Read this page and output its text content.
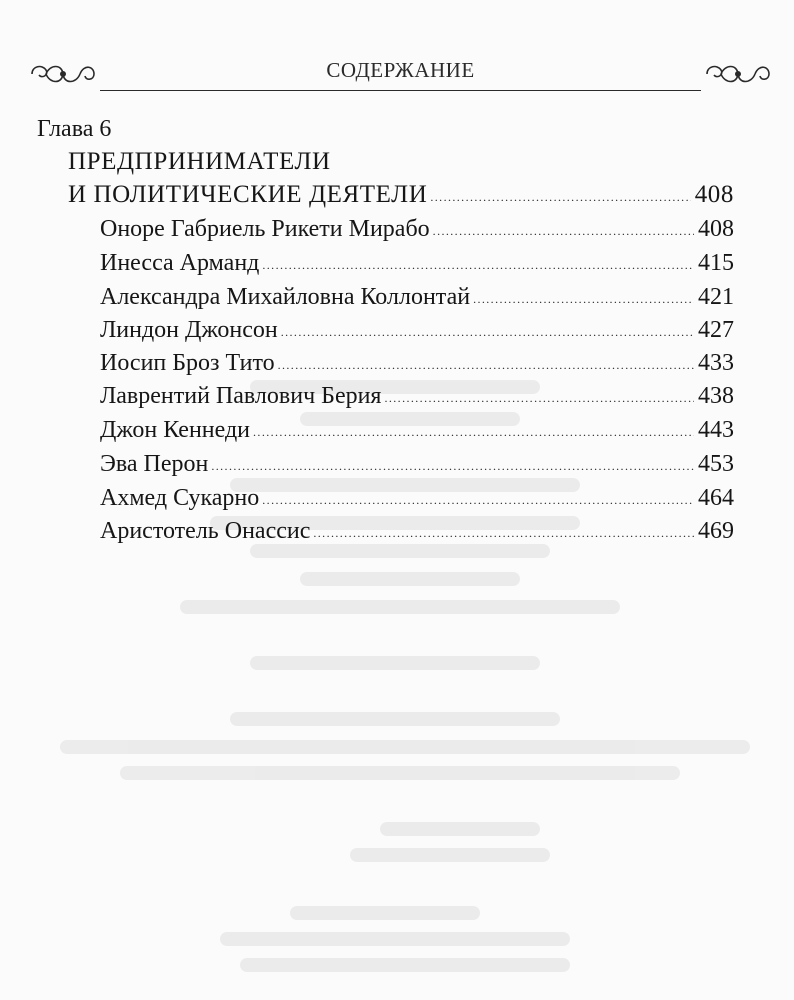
СОДЕРЖАНИЕ
Глава 6
ПРЕДПРИНИМАТЕЛИ
И ПОЛИТИЧЕСКИЕ ДЕЯТЕЛИ .....	408
Оноре Габриель Рикети Мирабо .....	408
Инесса Арманд .....	415
Александра Михайловна Коллонтай .....	421
Линдон Джонсон .....	427
Иосип Броз Тито .....	433
Лаврентий Павлович Берия .....	438
Джон Кеннеди .....	443
Эва Перон .....	453
Ахмед Сукарно .....	464
Аристотель Онассис .....	469
